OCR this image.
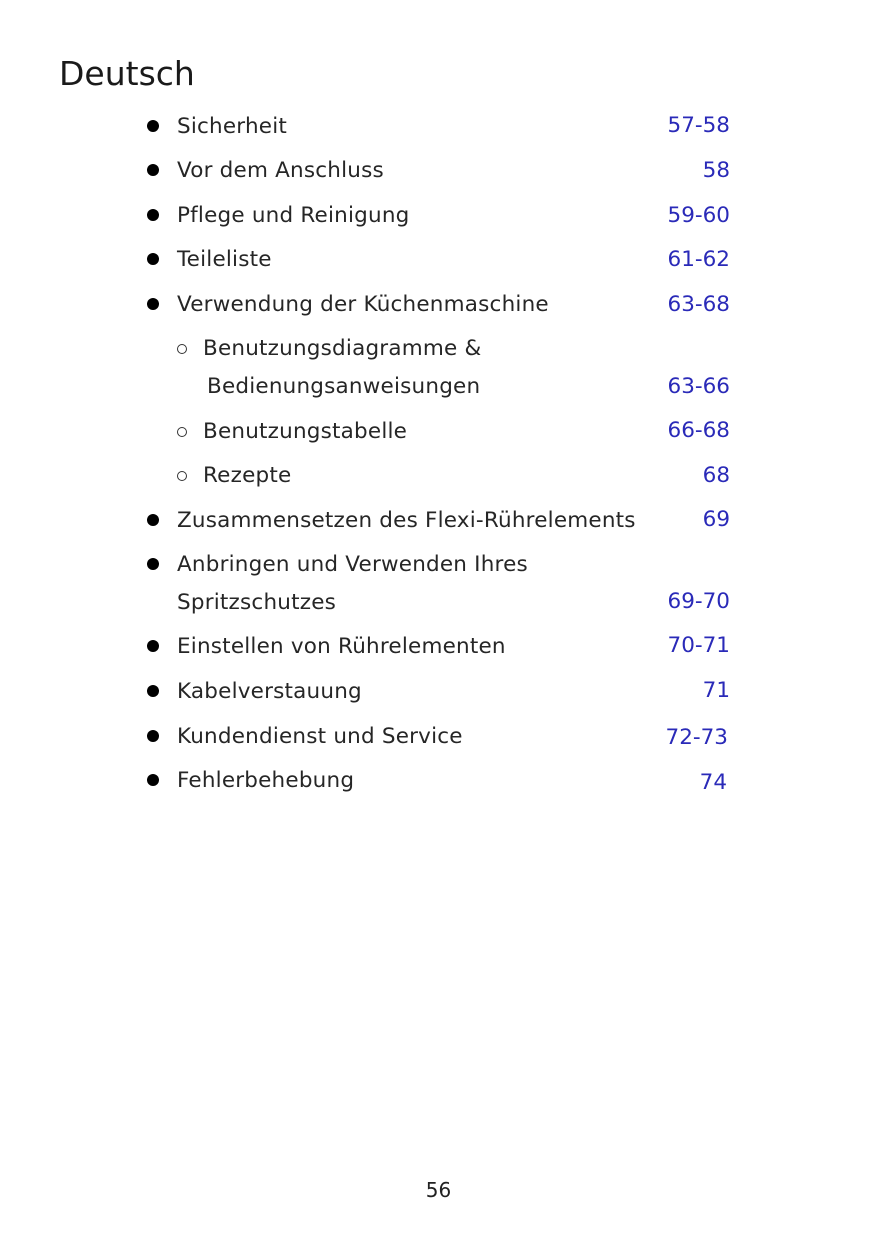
Deutsch
Sicherheit	57-58
Vor dem Anschluss	58
Pflege und Reinigung	59-60
Teileliste	61-62
Verwendung der Küchenmaschine	63-68
Benutzungsdiagramme &
Bedienungsanweisungen	63-66
Benutzungstabelle	66-68
Rezepte	68
Zusammensetzen des Flexi-Rührelements	69
Anbringen und Verwenden Ihres
Spritzschutzes	69-70
Einstellen von Rührelementen	70-71
Kabelverstauung	71
Kundendienst und Service	72-73
Fehlerbehebung	74
56
